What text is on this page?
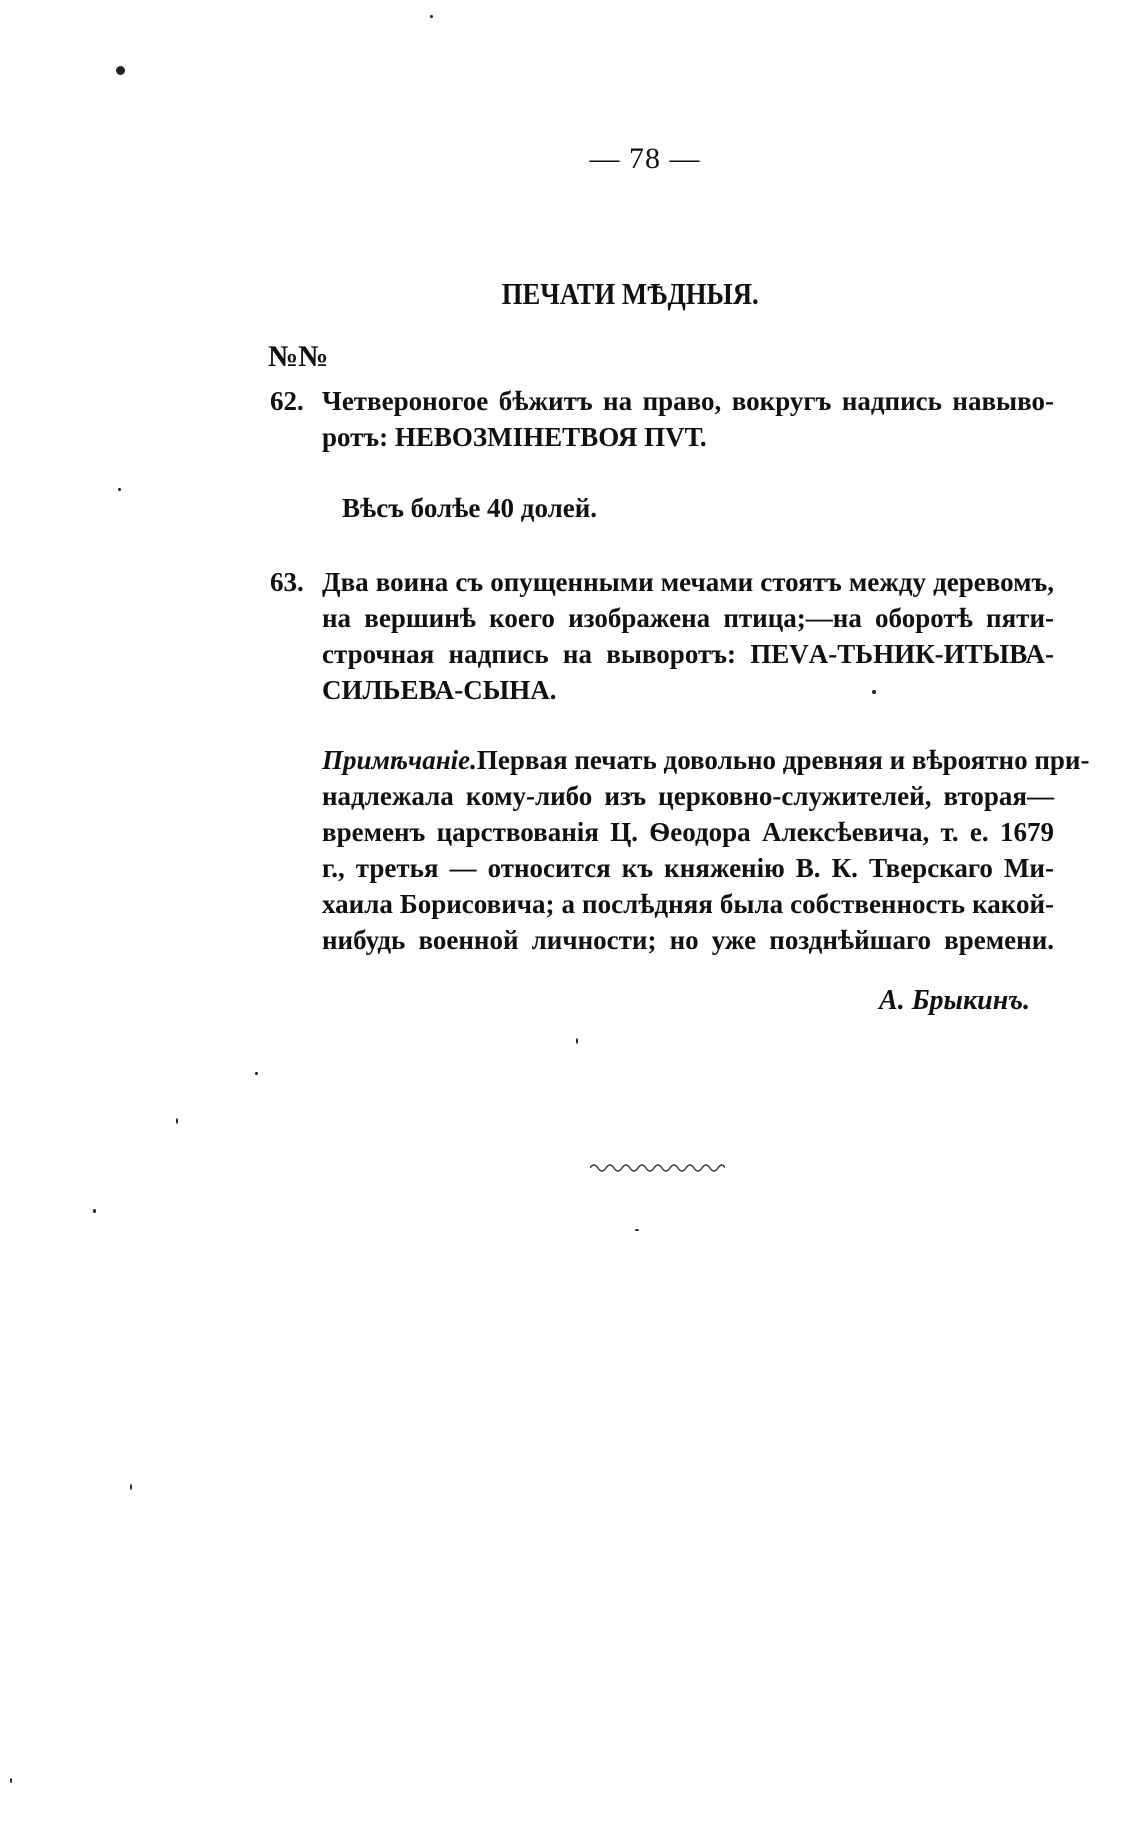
— 78 —
ПЕЧАТИ МѢДНЫЯ.
№№
62. Четвероногое бѣжитъ на право, вокругъ надпись навыво-
ротъ: НЕВОЗМІНЕТВОЯ ПVТ.
Вѣсъ болѣе 40 долей.
63. Два воина съ опущенными мечами стоятъ между деревомъ,
на вершинѣ коего изображена птица;—на оборотѣ пяти-
строчная надпись на выворотъ: ПЕVА-ТЬНИК-ИТЫВА-
СИЛЬЕВА-СЫНА.
Примѣчаніе.Первая печать довольно древняя и вѣроятно при-
надлежала кому-либо изъ церковно-служителей, вторая—
временъ царствованія Ц. Ѳеодора Алексѣевича, т. е. 1679
г., третья — относится къ княженію В. К. Тверскаго Ми-
хаила Борисовича; а послѣдняя была собственность какой-
нибудь военной личности; но уже позднѣйшаго времени.
А. Брыкинъ.
